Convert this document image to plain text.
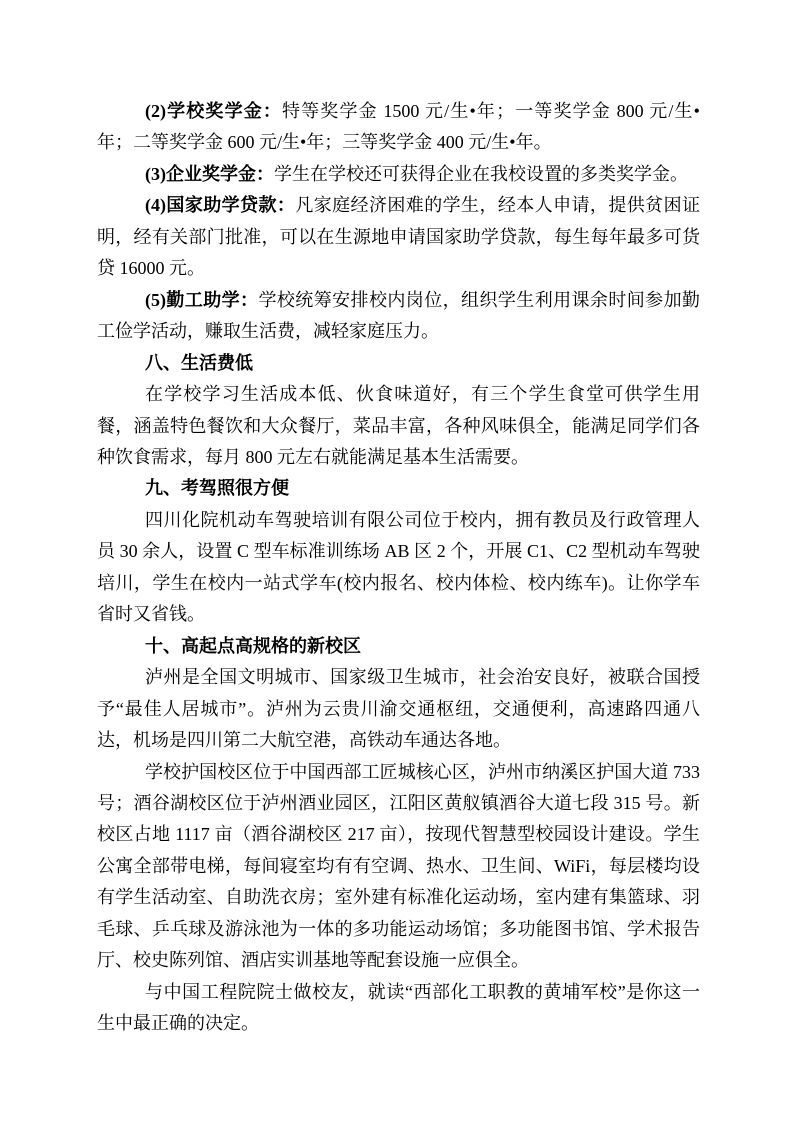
(2)学校奖学金：特等奖学金 1500 元/生•年；一等奖学金 800 元/生•年；二等奖学金 600 元/生•年；三等奖学金 400 元/生•年。

(3)企业奖学金：学生在学校还可获得企业在我校设置的多类奖学金。

(4)国家助学贷款：凡家庭经济困难的学生，经本人申请，提供贫困证明，经有关部门批准，可以在生源地申请国家助学贷款，每生每年最多可货贷 16000 元。

(5)勤工助学：学校统筹安排校内岗位，组织学生利用课余时间参加勤工俭学活动，赚取生活费，减轻家庭压力。

八、生活费低

在学校学习生活成本低、伙食味道好，有三个学生食堂可供学生用餐，涵盖特色餐饮和大众餐厅，菜品丰富，各种风味俱全，能满足同学们各种饮食需求，每月 800 元左右就能满足基本生活需要。

九、考驾照很方便

四川化院机动车驾驶培训有限公司位于校内，拥有教员及行政管理人员 30 余人，设置 C 型车标准训练场 AB 区 2 个，开展 C1、C2 型机动车驾驶培川，学生在校内一站式学车(校内报名、校内体检、校内练车)。让你学车省时又省钱。

十、高起点高规格的新校区

泸州是全国文明城市、国家级卫生城市，社会治安良好，被联合国授予“最佳人居城市”。泸州为云贵川渝交通枢纽，交通便利，高速路四通八达，机场是四川第二大航空港，高铁动车通达各地。

学校护国校区位于中国西部工匠城核心区，泸州市纳溪区护国大道 733 号；酒谷湖校区位于泸州酒业园区，江阳区黄舣镇酒谷大道七段 315 号。新校区占地 1117 亩（酒谷湖校区 217 亩），按现代智慧型校园设计建设。学生公寓全部带电梯，每间寝室均有有空调、热水、卫生间、WiFi，每层楼均设有学生活动室、自助洗衣房；室外建有标准化运动场，室内建有集篮球、羽毛球、乒乓球及游泳池为一体的多功能运动场馆；多功能图书馆、学术报告厅、校史陈列馆、酒店实训基地等配套设施一应俱全。

与中国工程院院士做校友，就读“西部化工职教的黄埔军校”是你这一生中最正确的决定。
